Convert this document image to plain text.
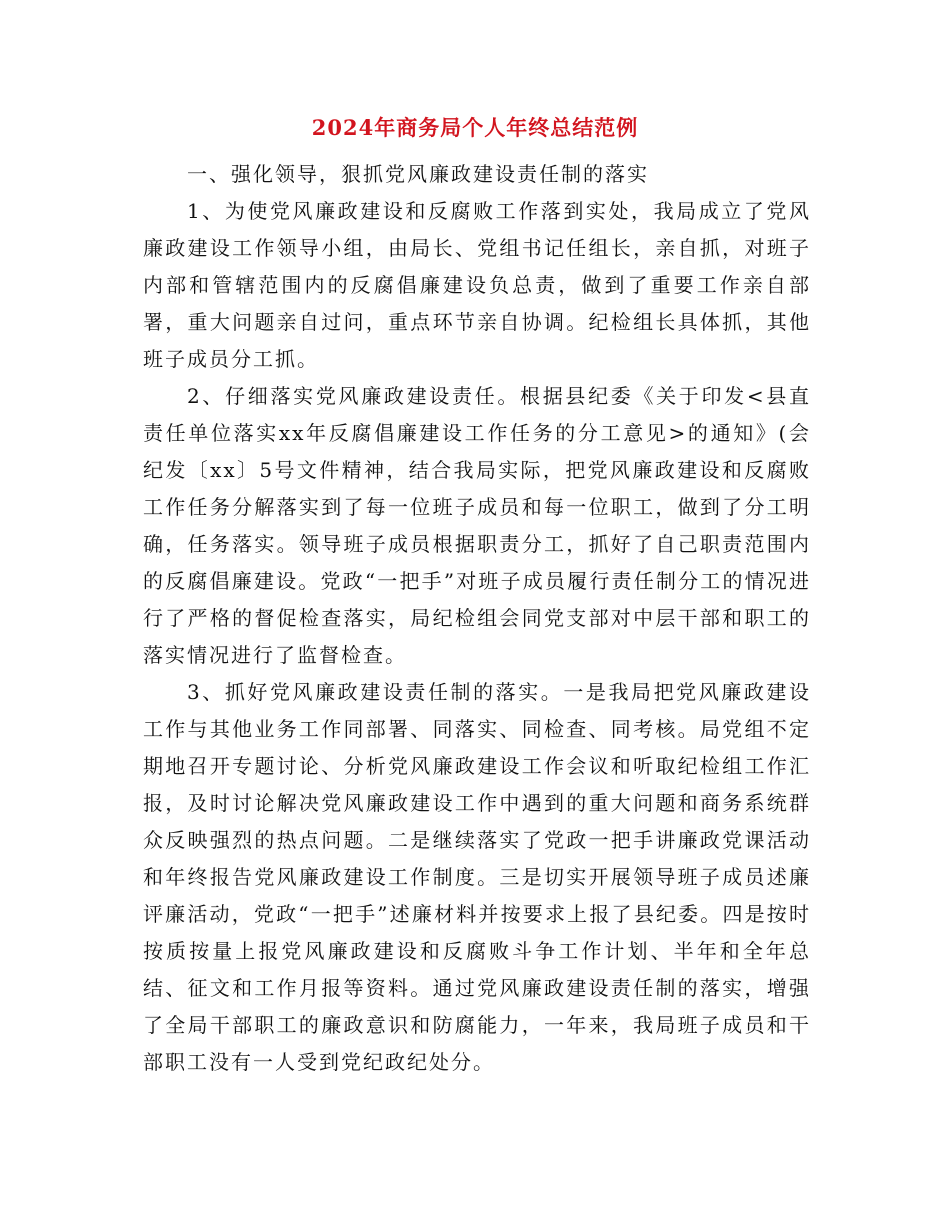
2024年商务局个人年终总结范例

一、强化领导，狠抓党风廉政建设责任制的落实

1、为使党风廉政建设和反腐败工作落到实处，我局成立了党风廉政建设工作领导小组，由局长、党组书记任组长，亲自抓，对班子内部和管辖范围内的反腐倡廉建设负总责，做到了重要工作亲自部署，重大问题亲自过问，重点环节亲自协调。纪检组长具体抓，其他班子成员分工抓。

2、仔细落实党风廉政建设责任。根据县纪委《关于印发<县直责任单位落实xx年反腐倡廉建设工作任务的分工意见>的通知》(会纪发〔xx〕5号文件精神，结合我局实际，把党风廉政建设和反腐败工作任务分解落实到了每一位班子成员和每一位职工，做到了分工明确，任务落实。领导班子成员根据职责分工，抓好了自己职责范围内的反腐倡廉建设。党政“一把手”对班子成员履行责任制分工的情况进行了严格的督促检查落实，局纪检组会同党支部对中层干部和职工的落实情况进行了监督检查。

3、抓好党风廉政建设责任制的落实。一是我局把党风廉政建设工作与其他业务工作同部署、同落实、同检查、同考核。局党组不定期地召开专题讨论、分析党风廉政建设工作会议和听取纪检组工作汇报，及时讨论解决党风廉政建设工作中遇到的重大问题和商务系统群众反映强烈的热点问题。二是继续落实了党政一把手讲廉政党课活动和年终报告党风廉政建设工作制度。三是切实开展领导班子成员述廉评廉活动，党政“一把手”述廉材料并按要求上报了县纪委。四是按时按质按量上报党风廉政建设和反腐败斗争工作计划、半年和全年总结、征文和工作月报等资料。通过党风廉政建设责任制的落实，增强了全局干部职工的廉政意识和防腐能力，一年来，我局班子成员和干部职工没有一人受到党纪政纪处分。
